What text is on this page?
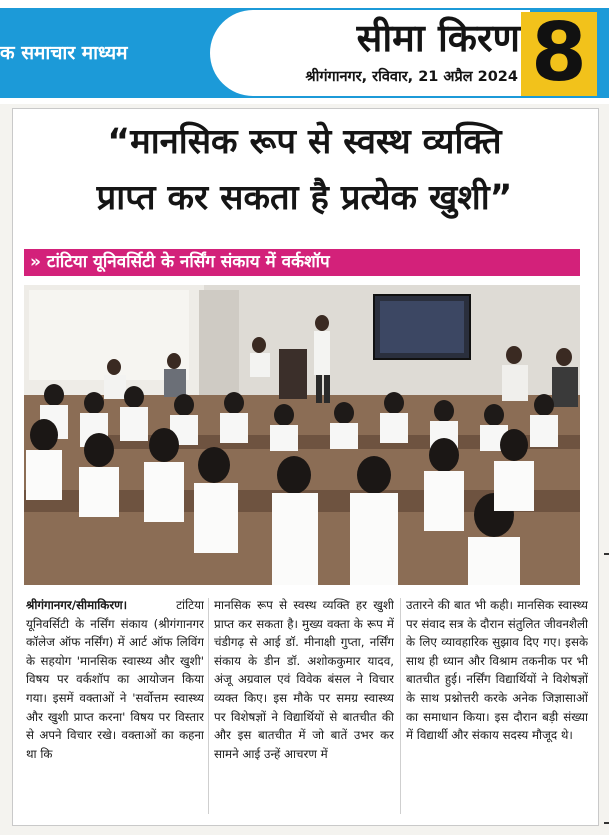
क समाचार माध्यम	सीमा किरण
श्रीगंगानगर, रविवार, 21 अप्रैल 2024 8
“मानसिक रूप से स्वस्थ व्यक्ति
प्राप्त कर सकता है प्रत्येक खुशी”
» टांटिया यूनिवर्सिटी के नर्सिंग संकाय में वर्कशॉप
श्रीगंगानगर/सीमाकिरण। टांटिया यूनिवर्सिटी के नर्सिंग संकाय (श्रीगंगानगर कॉलेज ऑफ नर्सिंग) में आर्ट ऑफ लिविंग के सहयोग 'मानसिक स्वास्थ्य और खुशी' विषय पर वर्कशॉप का आयोजन किया गया। इसमें वक्ताओं ने 'सर्वोत्तम स्वास्थ्य और खुशी प्राप्त करना' विषय पर विस्तार से अपने विचार रखे। वक्ताओं का कहना था कि
मानसिक रूप से स्वस्थ व्यक्ति हर खुशी प्राप्त कर सकता है। मुख्य वक्ता के रूप में चंडीगढ़ से आई डॉ. मीनाक्षी गुप्ता, नर्सिंग संकाय के डीन डॉ. अशोककुमार यादव, अंजू अग्रवाल एवं विवेक बंसल ने विचार व्यक्त किए। इस मौके पर समग्र स्वास्थ्य पर विशेषज्ञों ने विद्यार्थियों से बातचीत की और इस बातचीत में जो बातें उभर कर सामने आई उन्हें आचरण में
उतारने की बात भी कही। मानसिक स्वास्थ्य पर संवाद सत्र के दौरान संतुलित जीवनशैली के लिए व्यावहारिक सुझाव दिए गए। इसके साथ ही ध्यान और विश्राम तकनीक पर भी बातचीत हुई। नर्सिंग विद्यार्थियों ने विशेषज्ञों के साथ प्रश्नोत्तरी करके अनेक जिज्ञासाओं का समाधान किया। इस दौरान बड़ी संख्या में विद्यार्थी और संकाय सदस्य मौजूद थे।
